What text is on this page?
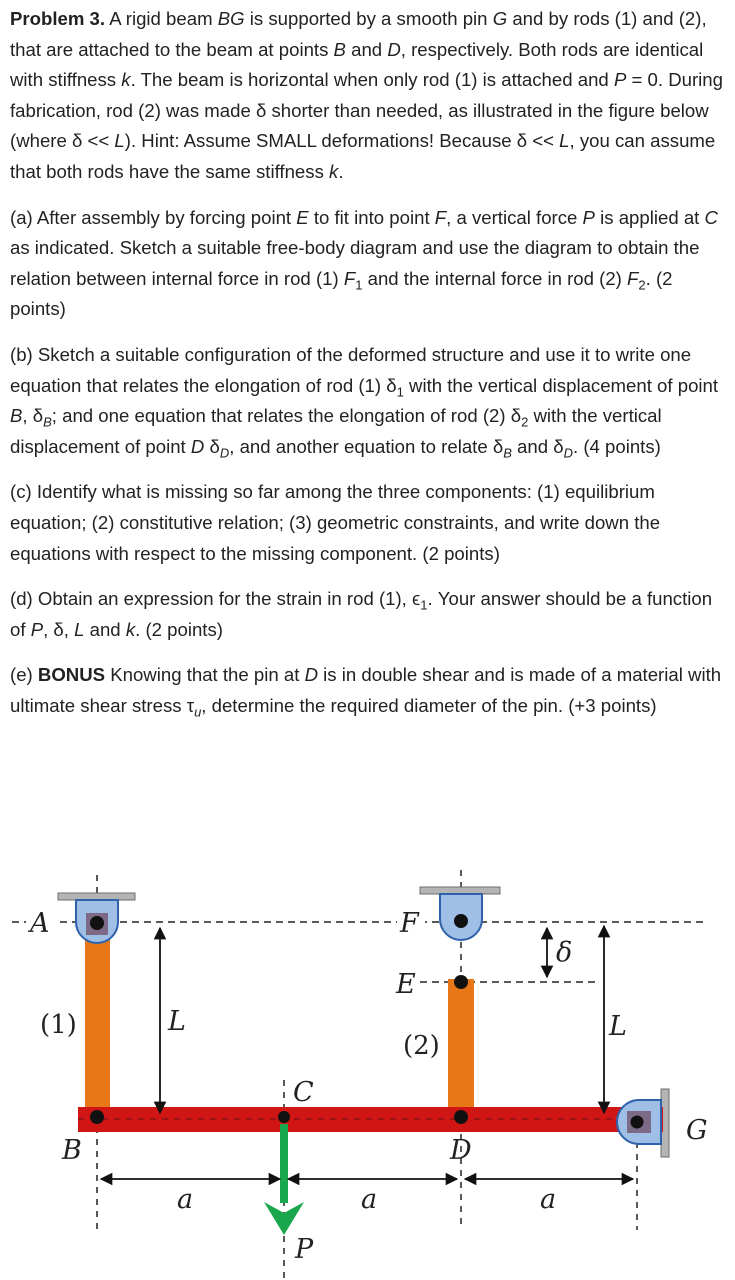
Problem 3. A rigid beam BG is supported by a smooth pin G and by rods (1) and (2), that are attached to the beam at points B and D, respectively. Both rods are identical with stiffness k. The beam is horizontal when only rod (1) is attached and P = 0. During fabrication, rod (2) was made δ shorter than needed, as illustrated in the figure below (where δ << L). Hint: Assume SMALL deformations! Because δ << L, you can assume that both rods have the same stiffness k.

(a) After assembly by forcing point E to fit into point F, a vertical force P is applied at C as indicated. Sketch a suitable free-body diagram and use the diagram to obtain the relation between internal force in rod (1) $F_1$ and the internal force in rod (2) $F_2$. (2 points)

(b) Sketch a suitable configuration of the deformed structure and use it to write one equation that relates the elongation of rod (1) $\delta_1$ with the vertical displacement of point B, $\delta_B$; and one equation that relates the elongation of rod (2) $\delta_2$ with the vertical displacement of point D $\delta_D$, and another equation to relate $\delta_B$ and $\delta_D$. (4 points)

(c) Identify what is missing so far among the three components: (1) equilibrium equation; (2) constitutive relation; (3) geometric constraints, and write down the equations with respect to the missing component. (2 points)

(d) Obtain an expression for the strain in rod (1), $\epsilon_1$. Your answer should be a function of P, δ, L and k. (2 points)

(e) BONUS Knowing that the pin at D is in double shear and is made of a material with ultimate shear stress $\tau_u$, determine the required diameter of the pin. (+3 points)

A	F
E
(1)
(2)
L	L
δ
C
B	D
G
a	a	a
P
